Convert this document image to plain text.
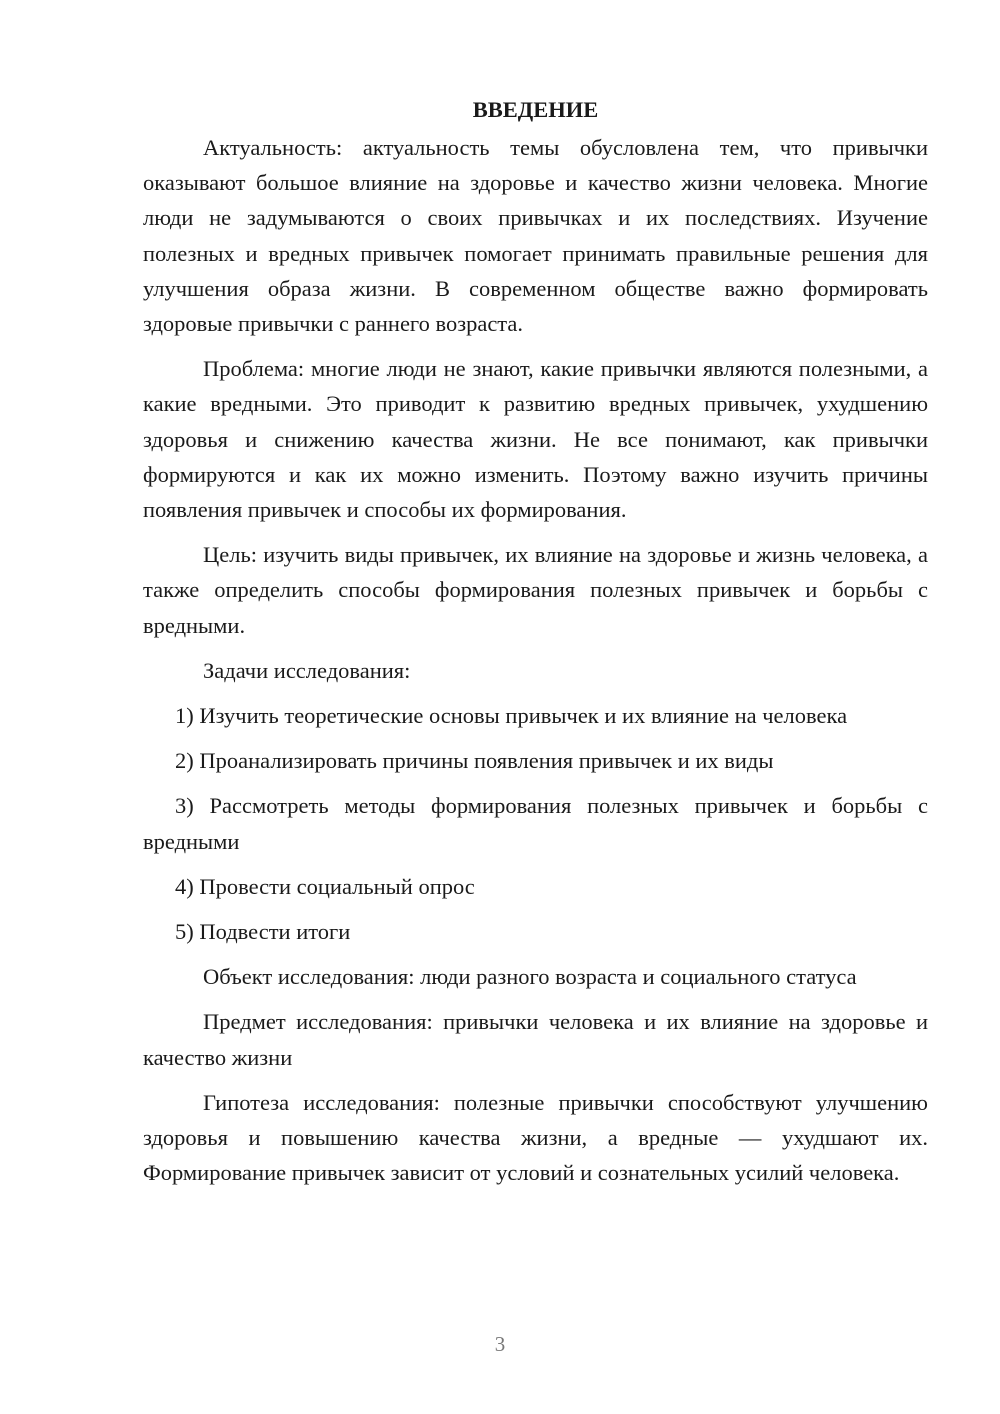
ВВЕДЕНИЕ

Актуальность: актуальность темы обусловлена тем, что привычки оказывают большое влияние на здоровье и качество жизни человека. Многие люди не задумываются о своих привычках и их последствиях. Изучение полезных и вредных привычек помогает принимать правильные решения для улучшения образа жизни. В современном обществе важно формировать здоровые привычки с раннего возраста.

Проблема: многие люди не знают, какие привычки являются полезными, а какие вредными. Это приводит к развитию вредных привычек, ухудшению здоровья и снижению качества жизни. Не все понимают, как привычки формируются и как их можно изменить. Поэтому важно изучить причины появления привычек и способы их формирования.

Цель: изучить виды привычек, их влияние на здоровье и жизнь человека, а также определить способы формирования полезных привычек и борьбы с вредными.

Задачи исследования:

1) Изучить теоретические основы привычек и их влияние на человека

2) Проанализировать причины появления привычек и их виды

3) Рассмотреть методы формирования полезных привычек и борьбы с вредными

4) Провести социальный опрос

5) Подвести итоги

Объект исследования: люди разного возраста и социального статуса

Предмет исследования: привычки человека и их влияние на здоровье и качество жизни

Гипотеза исследования: полезные привычки способствуют улучшению здоровья и повышению качества жизни, а вредные — ухудшают их. Формирование привычек зависит от условий и сознательных усилий человека.

3
